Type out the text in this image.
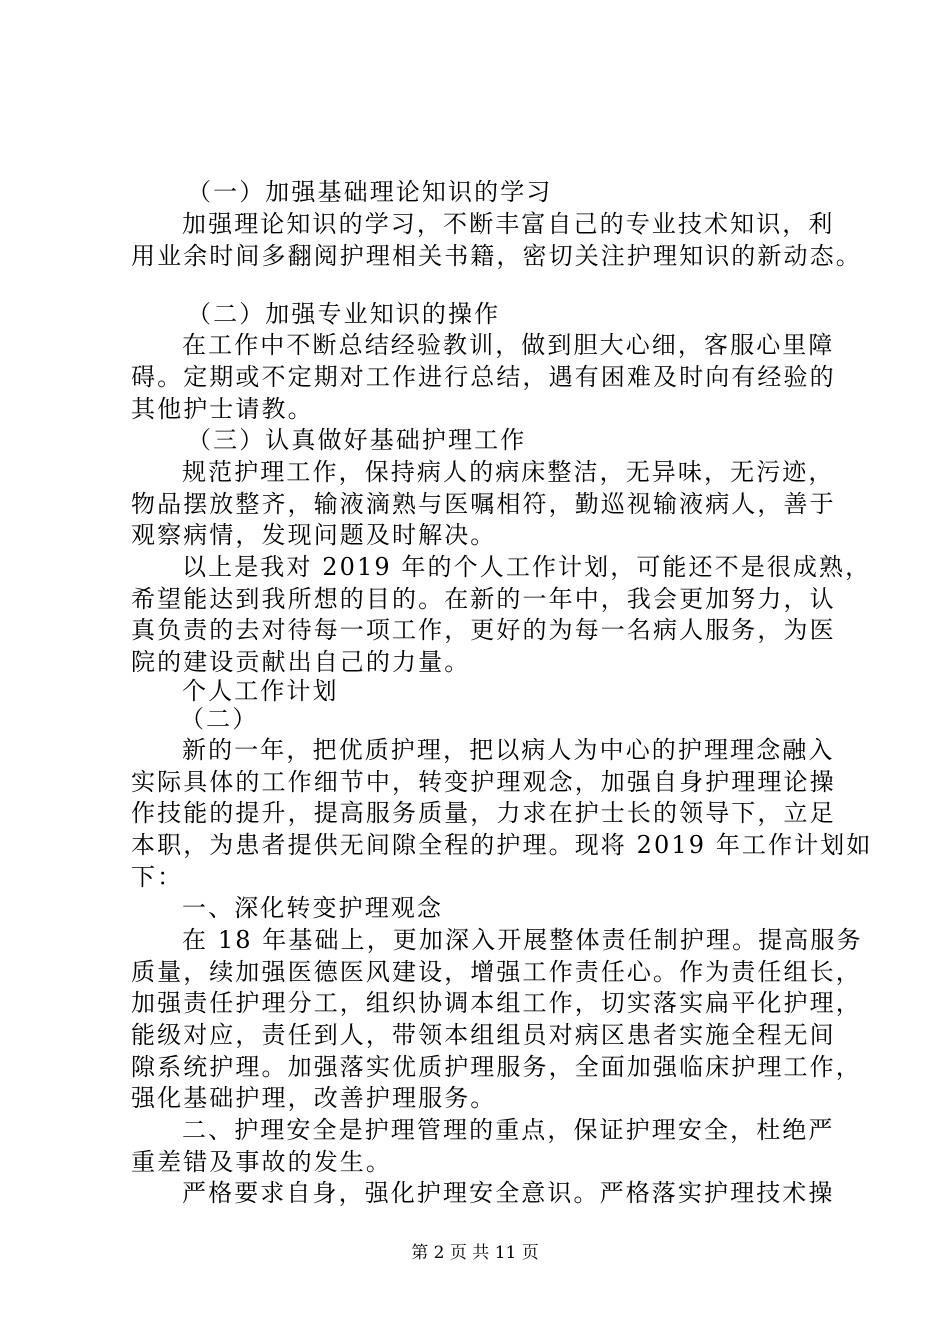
（一）加强基础理论知识的学习
加强理论知识的学习，不断丰富自己的专业技术知识，利
用业余时间多翻阅护理相关书籍，密切关注护理知识的新动态。
（二）加强专业知识的操作
在工作中不断总结经验教训，做到胆大心细，客服心里障
碍。定期或不定期对工作进行总结，遇有困难及时向有经验的
其他护士请教。
（三）认真做好基础护理工作
规范护理工作，保持病人的病床整洁，无异味，无污迹，
物品摆放整齐，输液滴熟与医嘱相符，勤巡视输液病人，善于
观察病情，发现问题及时解决。
以上是我对 2019 年的个人工作计划，可能还不是很成熟，
希望能达到我所想的目的。在新的一年中，我会更加努力，认
真负责的去对待每一项工作，更好的为每一名病人服务，为医
院的建设贡献出自己的力量。
个人工作计划
（二）
新的一年，把优质护理，把以病人为中心的护理理念融入
实际具体的工作细节中，转变护理观念，加强自身护理理论操
作技能的提升，提高服务质量，力求在护士长的领导下，立足
本职，为患者提供无间隙全程的护理。现将 2019 年工作计划如
下：
一、深化转变护理观念
在 18 年基础上，更加深入开展整体责任制护理。提高服务
质量，续加强医德医风建设，增强工作责任心。作为责任组长，
加强责任护理分工，组织协调本组工作，切实落实扁平化护理，
能级对应，责任到人，带领本组组员对病区患者实施全程无间
隙系统护理。加强落实优质护理服务，全面加强临床护理工作，
强化基础护理，改善护理服务。
二、护理安全是护理管理的重点，保证护理安全，杜绝严
重差错及事故的发生。
严格要求自身，强化护理安全意识。严格落实护理技术操
第 2 页 共 11 页
